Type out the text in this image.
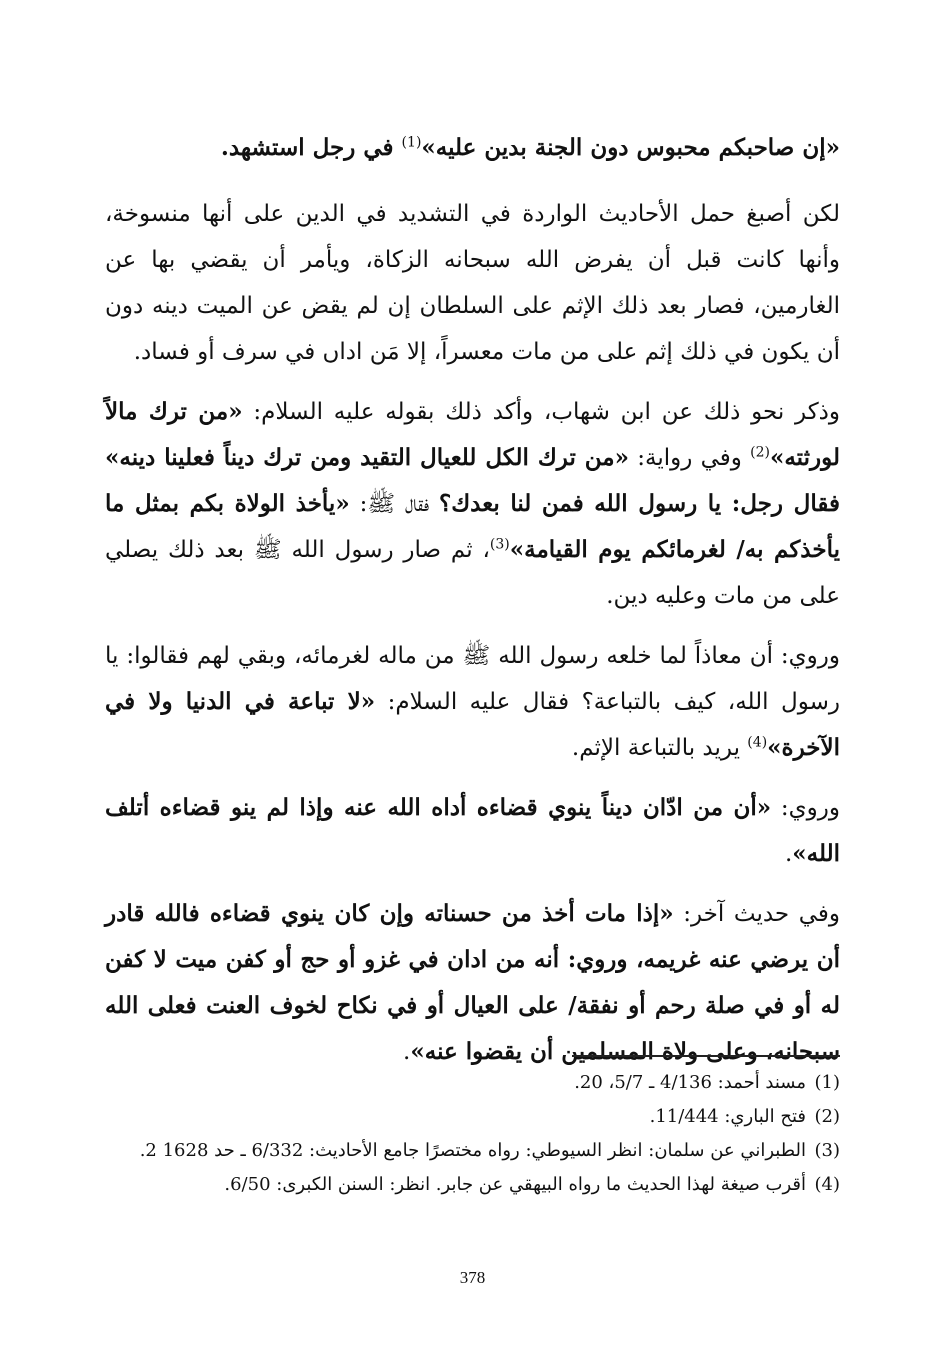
«إن صاحبكم محبوس دون الجنة بدين عليه»$^{(1)}$ في رجل استشهد.

لكن أصبغ حمل الأحاديث الواردة في التشديد في الدين على أنها منسوخة، وأنها كانت قبل أن يفرض الله سبحانه الزكاة، ويأمر أن يقضي بها عن الغارمين، فصار بعد ذلك الإثم على السلطان إن لم يقض عن الميت دينه دون أن يكون في ذلك إثم على من مات معسراً، إلا مَن اداں في سرف أو فساد.

وذكر نحو ذلك عن ابن شهاب، وأكد ذلك بقوله عليه السلام: «من ترك مالاً لورثته»$^{(2)}$ وفي رواية: «من ترك الكل للعيال التقيد ومن ترك ديناً فعلينا دينه» فقال رجل: يا رسول الله فمن لنا بعدك؟ فقال ﷺ: «يأخذ الولاة بكم بمثل ما يأخذكم به/ لغرمائكم يوم القيامة»$^{(3)}$، ثم صار رسول الله ﷺ بعد ذلك يصلي على من مات وعليه دين.

وروي: أن معاذاً لما خلعه رسول الله ﷺ من ماله لغرمائه، وبقي لهم فقالوا: يا رسول الله، كيف بالتباعة؟ فقال عليه السلام: «لا تباعة في الدنيا ولا في الآخرة»$^{(4)}$ يريد بالتباعة الإثم.

وروي: «أن من ادّان ديناً ينوي قضاءه أداه الله عنه وإذا لم ينو قضاءه أتلف الله».

وفي حديث آخر: «إذا مات أخذ من حسناته وإن كان ينوي قضاءه فالله قادر أن يرضي عنه غريمه، وروي: أنه من ادان في غزو أو حج أو كفن ميت لا كفن له أو في صلة رحم أو نفقة/ على العيال أو في نكاح لخوف العنت فعلى الله سبحانه، وعلى ولاة المسلمين أن يقضوا عنه».

(1)
مسند أحمد: 4/136 ـ 5/7، 20.
(2)
فتح الباري: 11/444.
(3)
الطبراني عن سلمان: انظر السيوطي: رواه مختصرًا جامع الأحاديث: 6/332 ـ حد 1628 2.
(4)
أقرب صيغة لهذا الحديث ما رواه البيهقي عن جابر. انظر: السنن الكبرى: 6/50.
378
